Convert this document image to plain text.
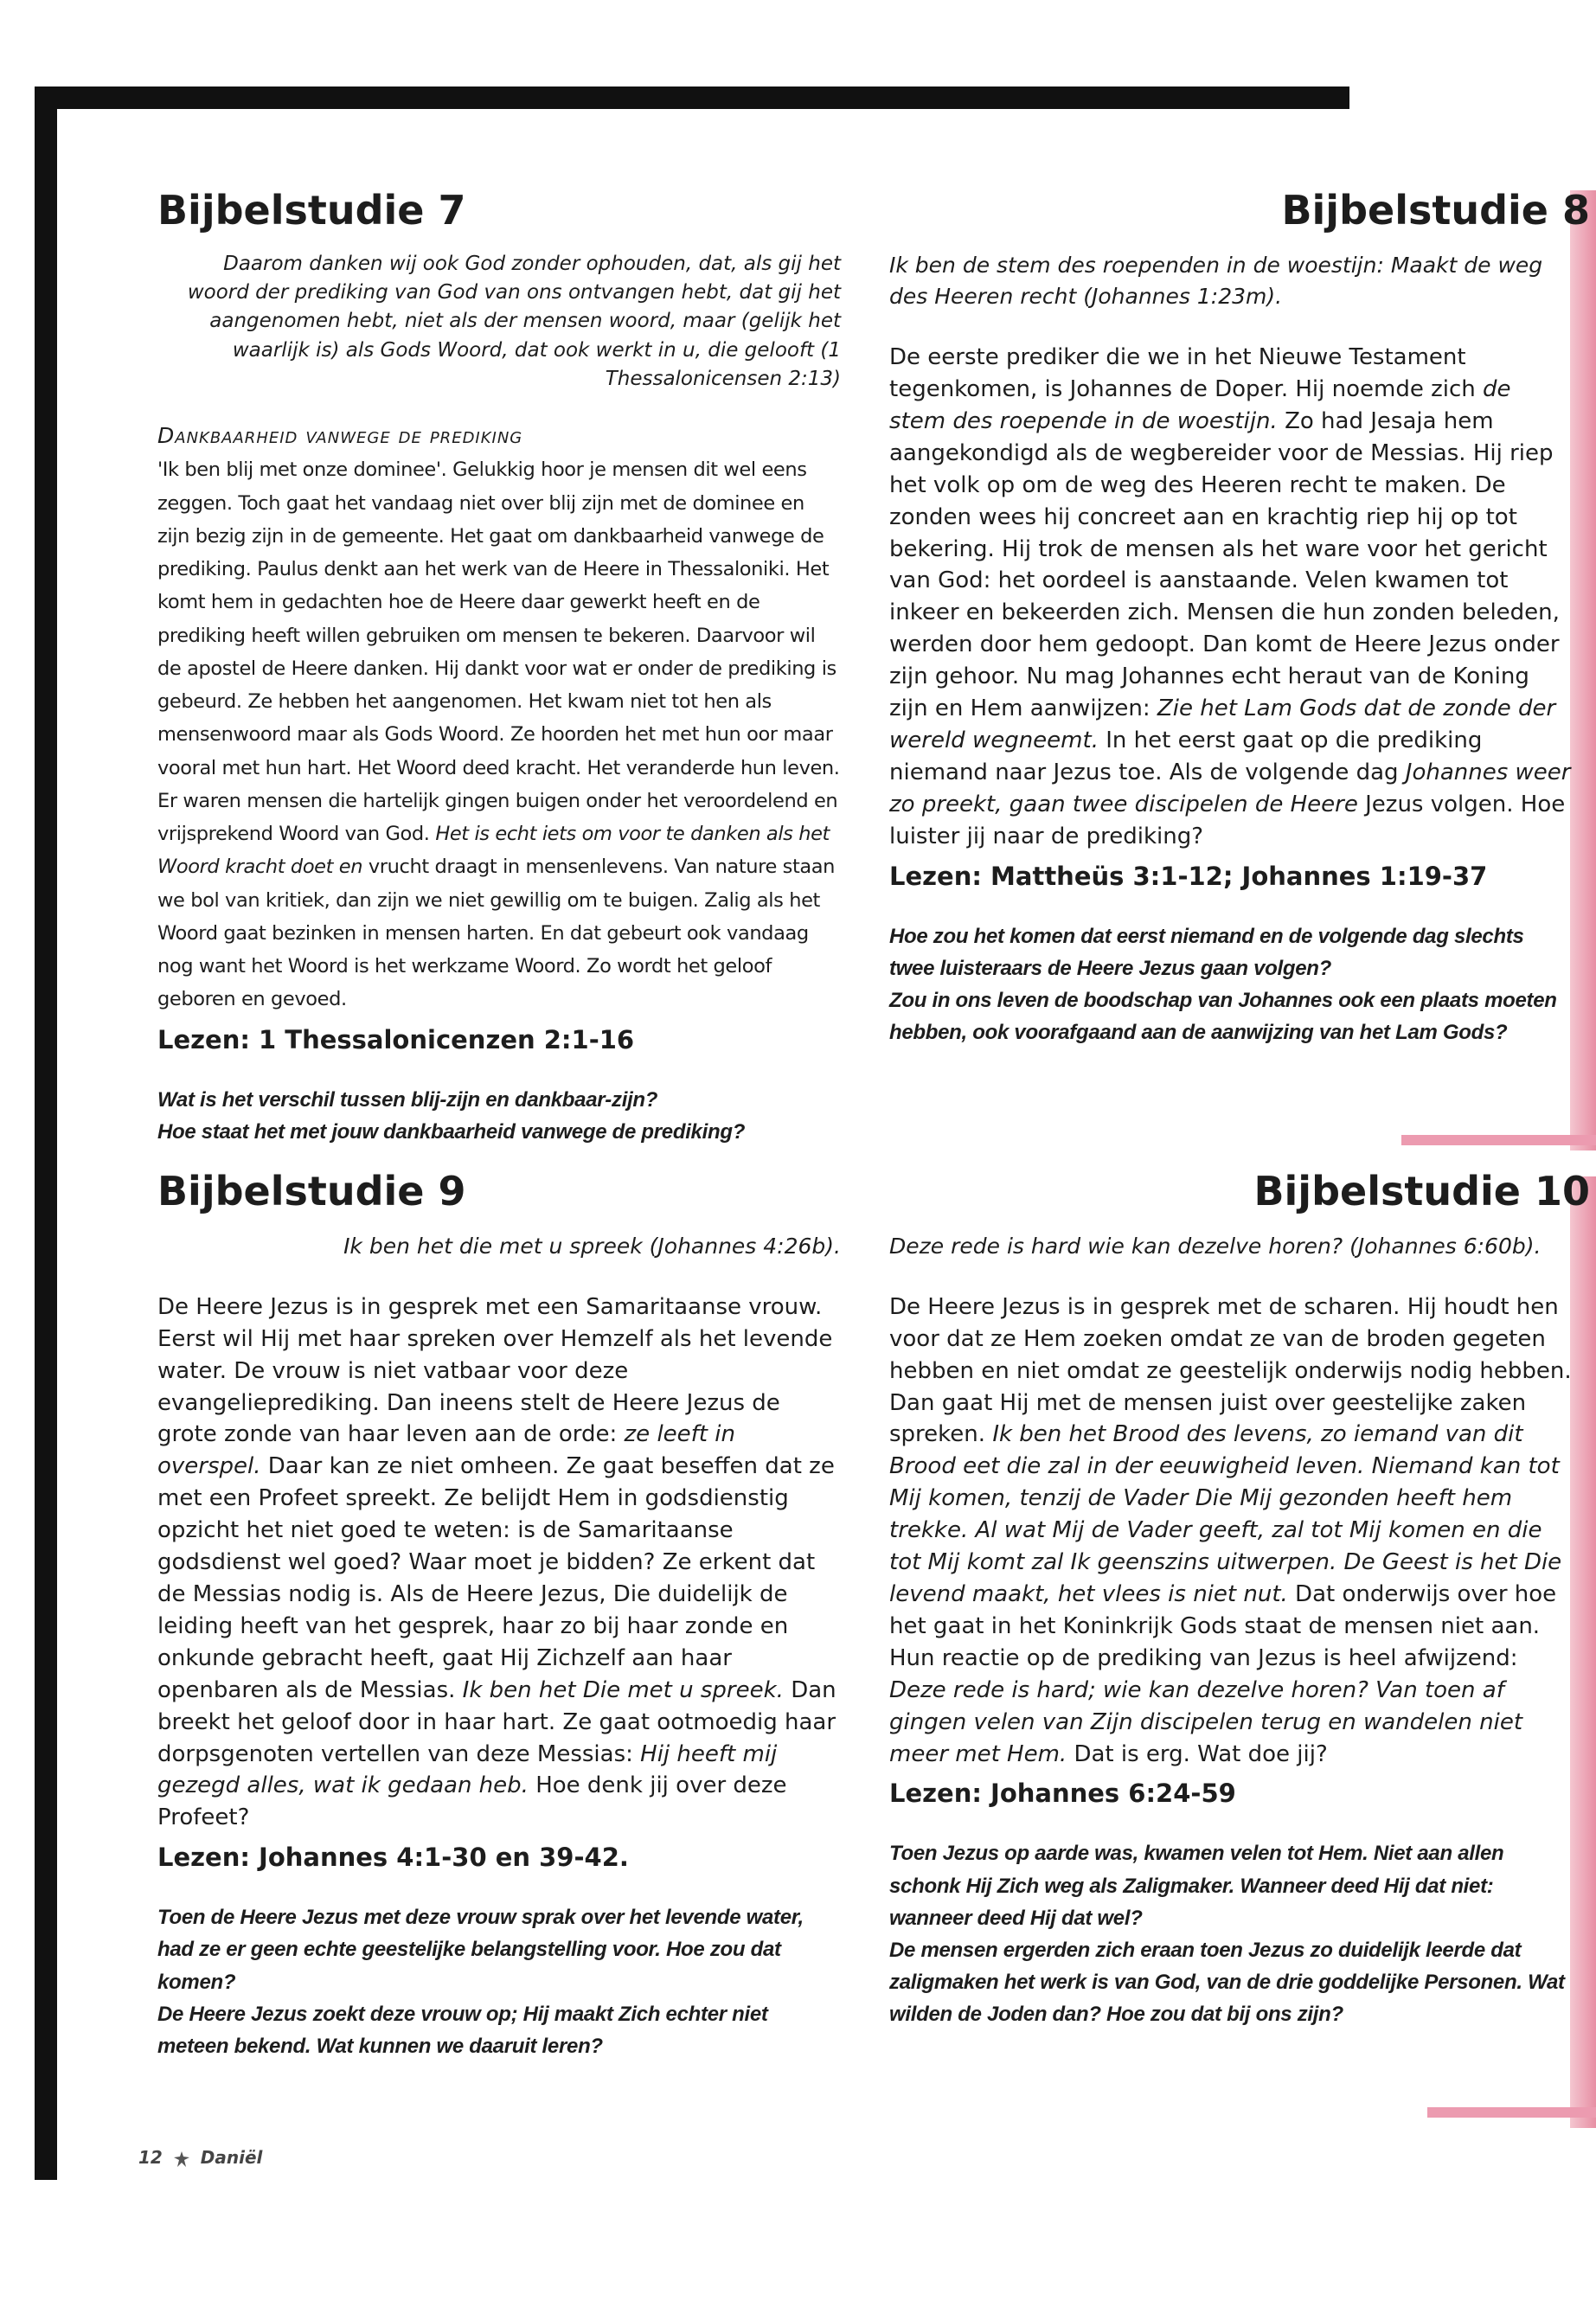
Bijbelstudie 7

Daarom danken wij ook God zonder ophouden, dat, als gij het woord der prediking van God van ons ontvangen hebt, dat gij het aangenomen hebt, niet als der mensen woord, maar (gelijk het waarlijk is) als Gods Woord, dat ook werkt in u, die gelooft (1 Thessalonicensen 2:13)

Dankbaarheid vanwege de prediking

'Ik ben blij met onze dominee'. Gelukkig hoor je mensen dit wel eens zeggen. Toch gaat het vandaag niet over blij zijn met de dominee en zijn bezig zijn in de gemeente. Het gaat om dankbaarheid vanwege de prediking. Paulus denkt aan het werk van de Heere in Thessaloniki. Het komt hem in gedachten hoe de Heere daar gewerkt heeft en de prediking heeft willen gebruiken om mensen te bekeren. Daarvoor wil de apostel de Heere danken. Hij dankt voor wat er onder de prediking is gebeurd. Ze hebben het aangenomen. Het kwam niet tot hen als mensenwoord maar als Gods Woord. Ze hoorden het met hun oor maar vooral met hun hart. Het Woord deed kracht. Het veranderde hun leven. Er waren mensen die hartelijk gingen buigen onder het veroordelend en vrijsprekend Woord van God. Het is echt iets om voor te danken als het Woord kracht doet en vrucht draagt in mensenlevens. Van nature staan we bol van kritiek, dan zijn we niet gewillig om te buigen. Zalig als het Woord gaat bezinken in mensen harten. En dat gebeurt ook vandaag nog want het Woord is het werkzame Woord. Zo wordt het geloof geboren en gevoed.

Lezen: 1 Thessalonicenzen 2:1-16

Wat is het verschil tussen blij-zijn en dankbaar-zijn?

Hoe staat het met jouw dankbaarheid vanwege de prediking?

Bijbelstudie 8

Ik ben de stem des roependen in de woestijn: Maakt de weg des Heeren recht (Johannes 1:23m).

De eerste prediker die we in het Nieuwe Testament tegenkomen, is Johannes de Doper. Hij noemde zich de stem des roepende in de woestijn. Zo had Jesaja hem aangekondigd als de wegbereider voor de Messias. Hij riep het volk op om de weg des Heeren recht te maken. De zonden wees hij concreet aan en krachtig riep hij op tot bekering. Hij trok de mensen als het ware voor het gericht van God: het oordeel is aanstaande. Velen kwamen tot inkeer en bekeerden zich. Mensen die hun zonden beleden, werden door hem gedoopt. Dan komt de Heere Jezus onder zijn gehoor. Nu mag Johannes echt heraut van de Koning zijn en Hem aanwijzen: Zie het Lam Gods dat de zonde der wereld wegneemt. In het eerst gaat op die prediking niemand naar Jezus toe. Als de volgende dag Johannes weer zo preekt, gaan twee discipelen de Heere Jezus volgen. Hoe luister jij naar de prediking?

Lezen: Mattheüs 3:1-12; Johannes 1:19-37

Hoe zou het komen dat eerst niemand en de volgende dag slechts twee luisteraars de Heere Jezus gaan volgen?

Zou in ons leven de boodschap van Johannes ook een plaats moeten hebben, ook voorafgaand aan de aanwijzing van het Lam Gods?

Bijbelstudie 9

Ik ben het die met u spreek (Johannes 4:26b).

De Heere Jezus is in gesprek met een Samaritaanse vrouw. Eerst wil Hij met haar spreken over Hemzelf als het levende water. De vrouw is niet vatbaar voor deze evangelieprediking. Dan ineens stelt de Heere Jezus de grote zonde van haar leven aan de orde: ze leeft in overspel. Daar kan ze niet omheen. Ze gaat beseffen dat ze met een Profeet spreekt. Ze belijdt Hem in godsdienstig opzicht het niet goed te weten: is de Samaritaanse godsdienst wel goed? Waar moet je bidden? Ze erkent dat de Messias nodig is. Als de Heere Jezus, Die duidelijk de leiding heeft van het gesprek, haar zo bij haar zonde en onkunde gebracht heeft, gaat Hij Zichzelf aan haar openbaren als de Messias. Ik ben het Die met u spreek. Dan breekt het geloof door in haar hart. Ze gaat ootmoedig haar dorpsgenoten vertellen van deze Messias: Hij heeft mij gezegd alles, wat ik gedaan heb. Hoe denk jij over deze Profeet?

Lezen: Johannes 4:1-30 en 39-42.

Toen de Heere Jezus met deze vrouw sprak over het levende water, had ze er geen echte geestelijke belangstelling voor. Hoe zou dat komen?

De Heere Jezus zoekt deze vrouw op; Hij maakt Zich echter niet meteen bekend. Wat kunnen we daaruit leren?

Bijbelstudie 10

Deze rede is hard wie kan dezelve horen? (Johannes 6:60b).

De Heere Jezus is in gesprek met de scharen. Hij houdt hen voor dat ze Hem zoeken omdat ze van de broden gegeten hebben en niet omdat ze geestelijk onderwijs nodig hebben. Dan gaat Hij met de mensen juist over geestelijke zaken spreken. Ik ben het Brood des levens, zo iemand van dit Brood eet die zal in der eeuwigheid leven. Niemand kan tot Mij komen, tenzij de Vader Die Mij gezonden heeft hem trekke. Al wat Mij de Vader geeft, zal tot Mij komen en die tot Mij komt zal Ik geenszins uitwerpen. De Geest is het Die levend maakt, het vlees is niet nut. Dat onderwijs over hoe het gaat in het Koninkrijk Gods staat de mensen niet aan. Hun reactie op de prediking van Jezus is heel afwijzend: Deze rede is hard; wie kan dezelve horen? Van toen af gingen velen van Zijn discipelen terug en wandelen niet meer met Hem. Dat is erg. Wat doe jij?

Lezen: Johannes 6:24-59

Toen Jezus op aarde was, kwamen velen tot Hem. Niet aan allen schonk Hij Zich weg als Zaligmaker. Wanneer deed Hij dat niet: wanneer deed Hij dat wel?

De mensen ergerden zich eraan toen Jezus zo duidelijk leerde dat zaligmaken het werk is van God, van de drie goddelijke Personen. Wat wilden de Joden dan? Hoe zou dat bij ons zijn?

12 Daniël
